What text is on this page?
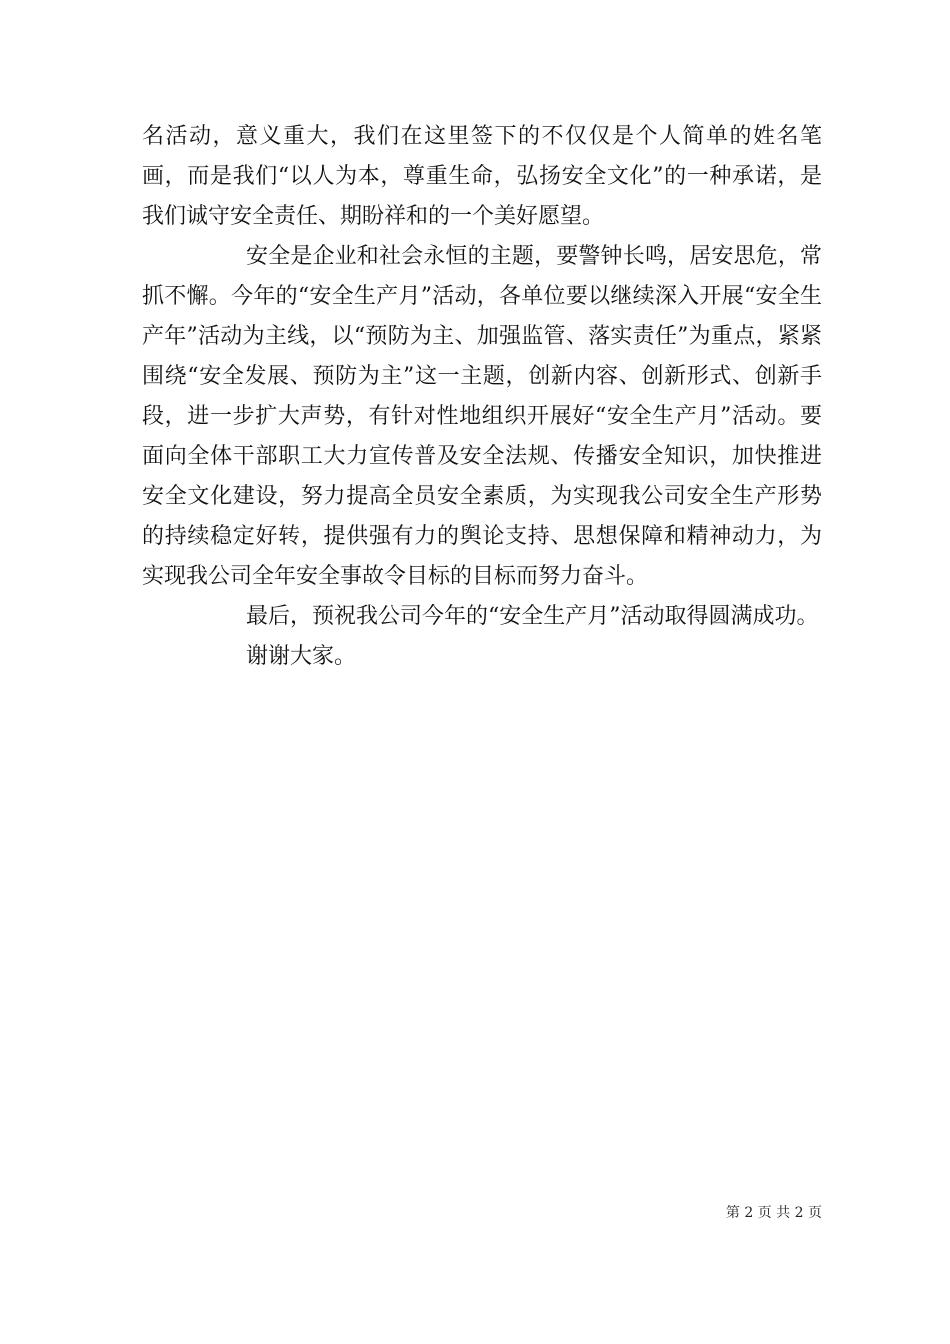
名活动，意义重大，我们在这里签下的不仅仅是个人简单的姓名笔画，而是我们“以人为本，尊重生命，弘扬安全文化”的一种承诺，是我们诚守安全责任、期盼祥和的一个美好愿望。

安全是企业和社会永恒的主题，要警钟长鸣，居安思危，常抓不懈。今年的“安全生产月”活动，各单位要以继续深入开展“安全生产年”活动为主线，以“预防为主、加强监管、落实责任”为重点，紧紧围绕“安全发展、预防为主”这一主题，创新内容、创新形式、创新手段，进一步扩大声势，有针对性地组织开展好“安全生产月”活动。要面向全体干部职工大力宣传普及安全法规、传播安全知识，加快推进安全文化建设，努力提高全员安全素质，为实现我公司安全生产形势的持续稳定好转，提供强有力的舆论支持、思想保障和精神动力，为实现我公司全年安全事故令目标的目标而努力奋斗。

最后，预祝我公司今年的“安全生产月”活动取得圆满成功。

谢谢大家。

第 2 页 共 2 页
